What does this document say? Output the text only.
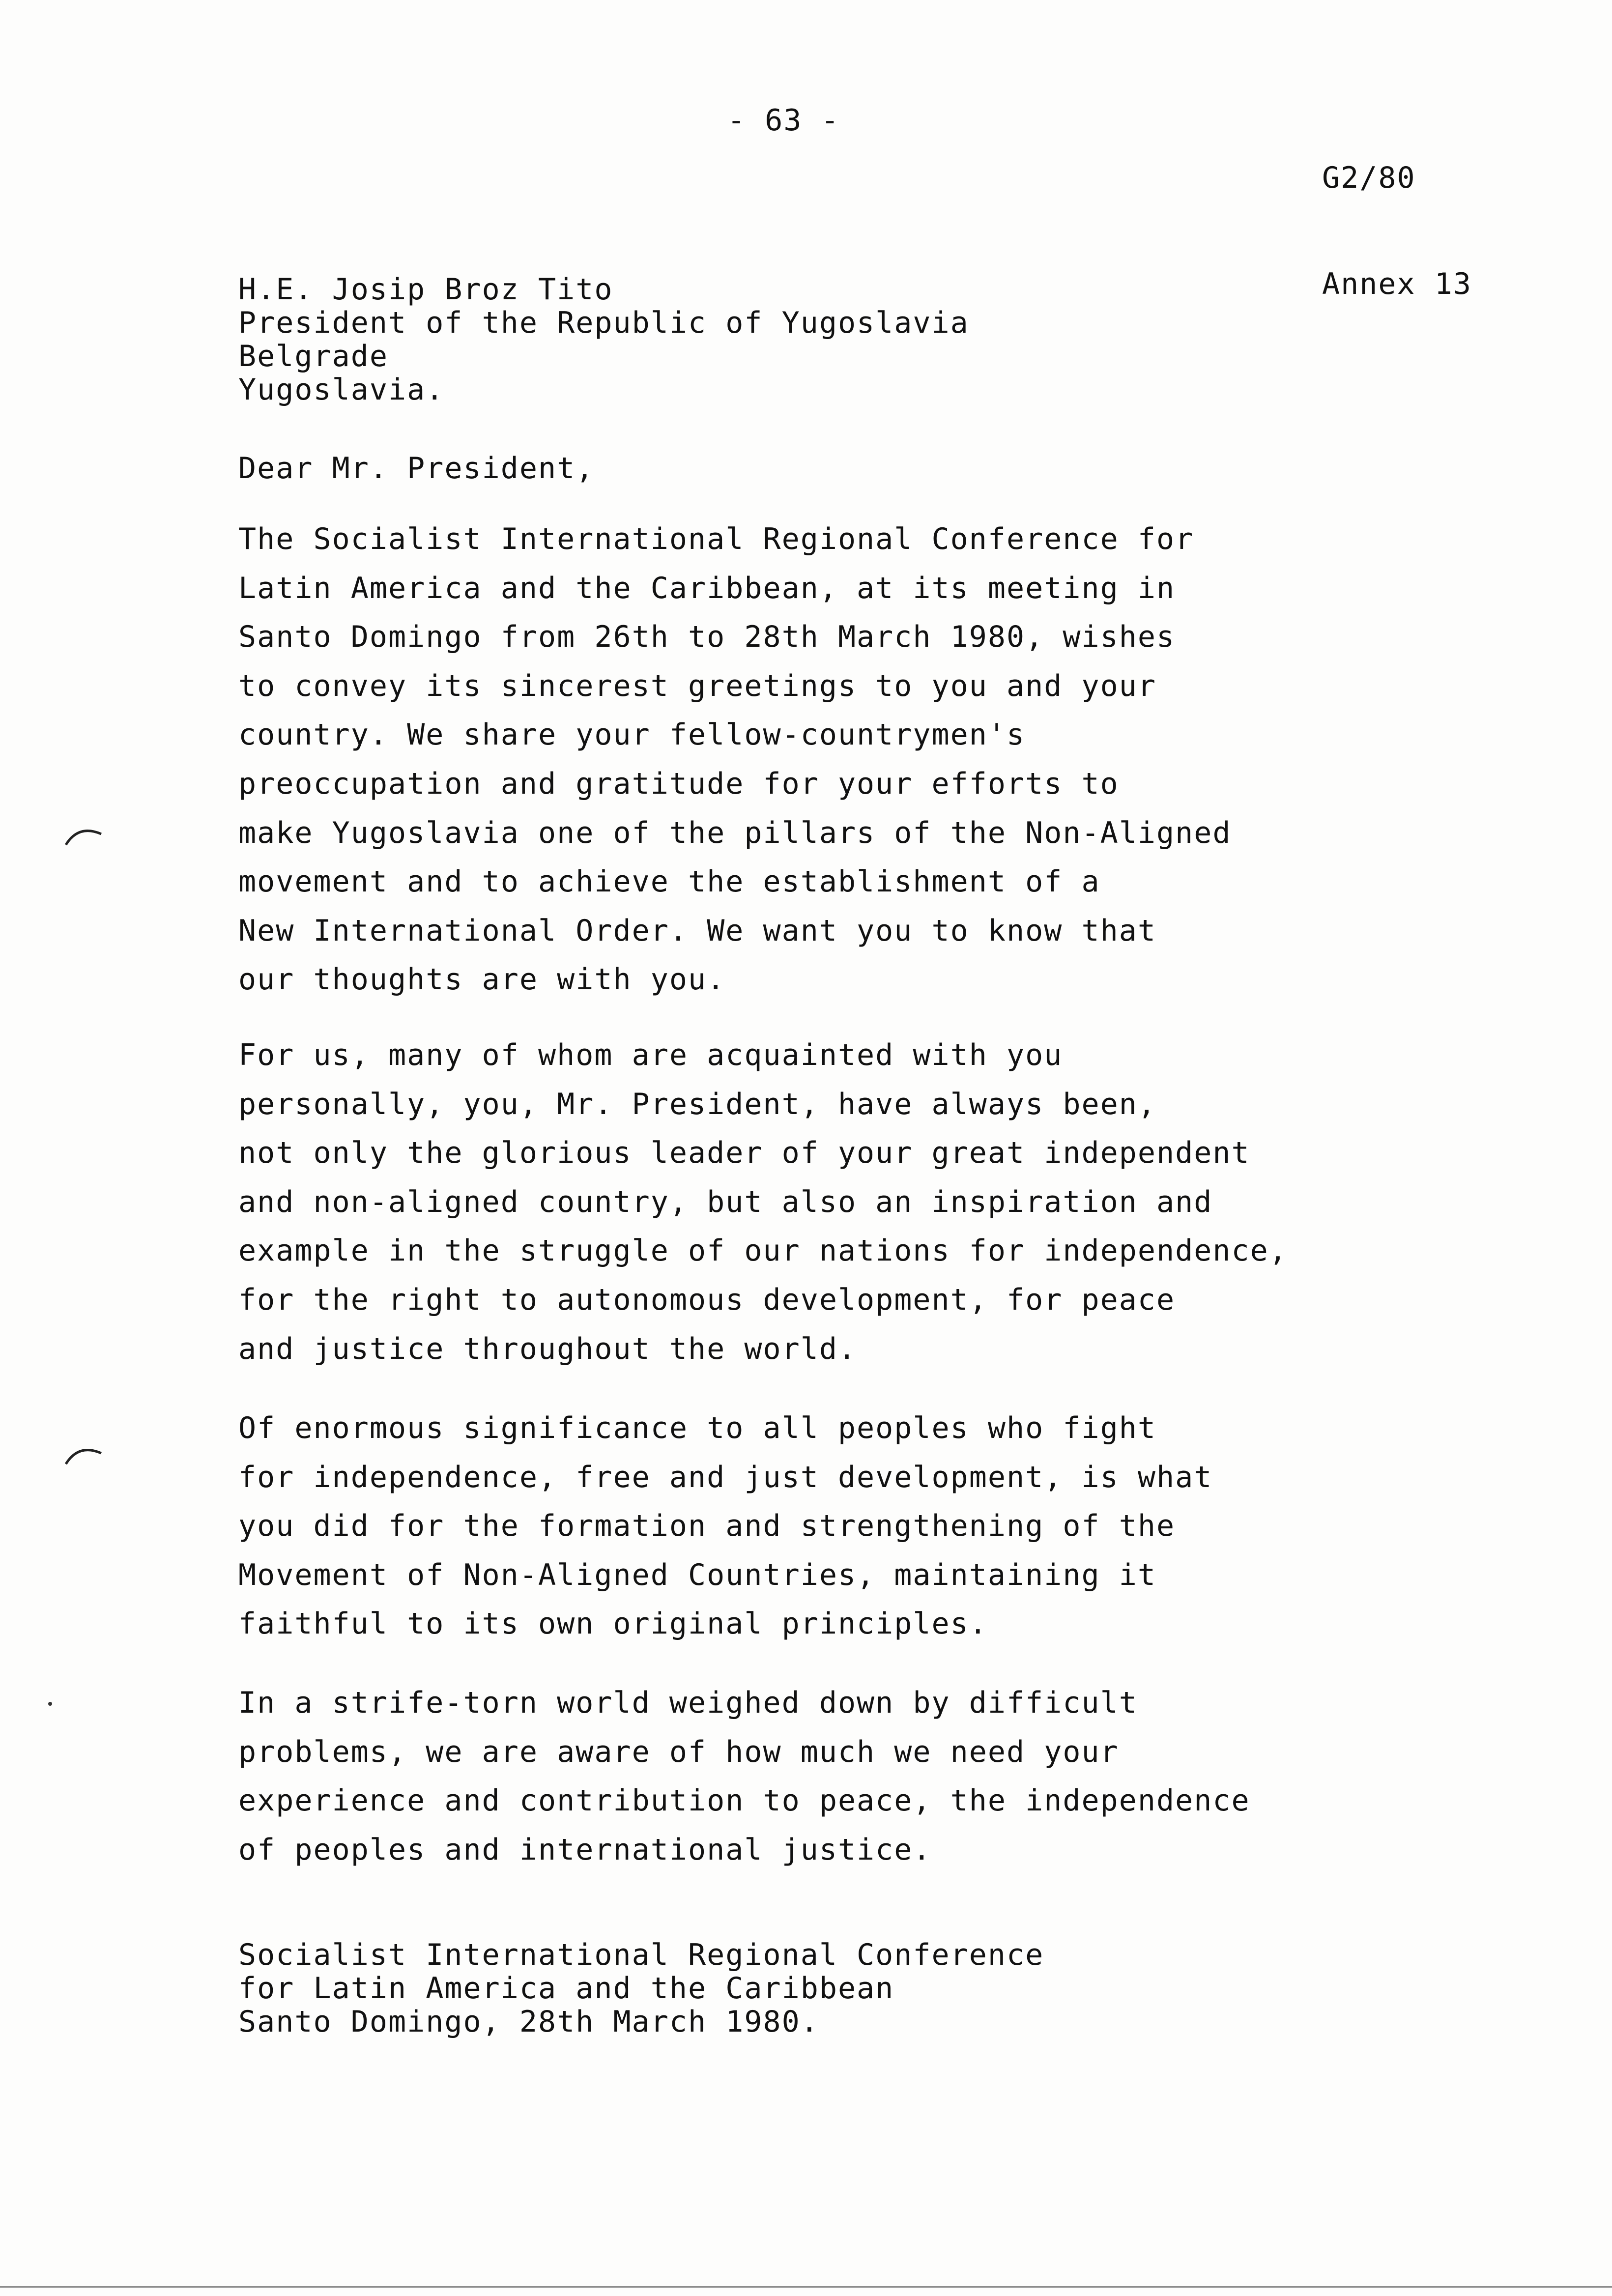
- 63 -

G2/80

Annex 13

H.E. Josip Broz Tito
President of the Republic of Yugoslavia
Belgrade
Yugoslavia.
Dear Mr. President,
The Socialist International Regional Conference for
Latin America and the Caribbean, at its meeting in
Santo Domingo from 26th to 28th March 1980, wishes
to convey its sincerest greetings to you and your
country. We share your fellow-countrymen's
preoccupation and gratitude for your efforts to
make Yugoslavia one of the pillars of the Non-Aligned
movement and to achieve the establishment of a
New International Order. We want you to know that
our thoughts are with you.
For us, many of whom are acquainted with you
personally, you, Mr. President, have always been,
not only the glorious leader of your great independent
and non-aligned country, but also an inspiration and
example in the struggle of our nations for independence,
for the right to autonomous development, for peace
and justice throughout the world.
Of enormous significance to all peoples who fight
for independence, free and just development, is what
you did for the formation and strengthening of the
Movement of Non-Aligned Countries, maintaining it
faithful to its own original principles.
In a strife-torn world weighed down by difficult
problems, we are aware of how much we need your
experience and contribution to peace, the independence
of peoples and international justice.
Socialist International Regional Conference
for Latin America and the Caribbean
Santo Domingo, 28th March 1980.
